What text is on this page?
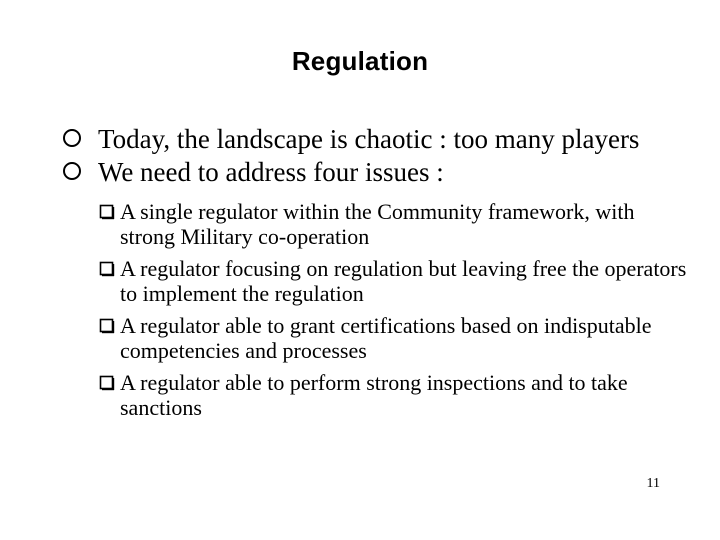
Regulation
Today, the landscape is chaotic : too many players
We need to address four issues :
A single regulator within the Community framework, with strong Military co-operation
A regulator focusing on regulation but leaving free the operators to implement the regulation
A regulator able to grant certifications based on indisputable competencies and processes
A regulator able to perform strong inspections and to take sanctions
11
